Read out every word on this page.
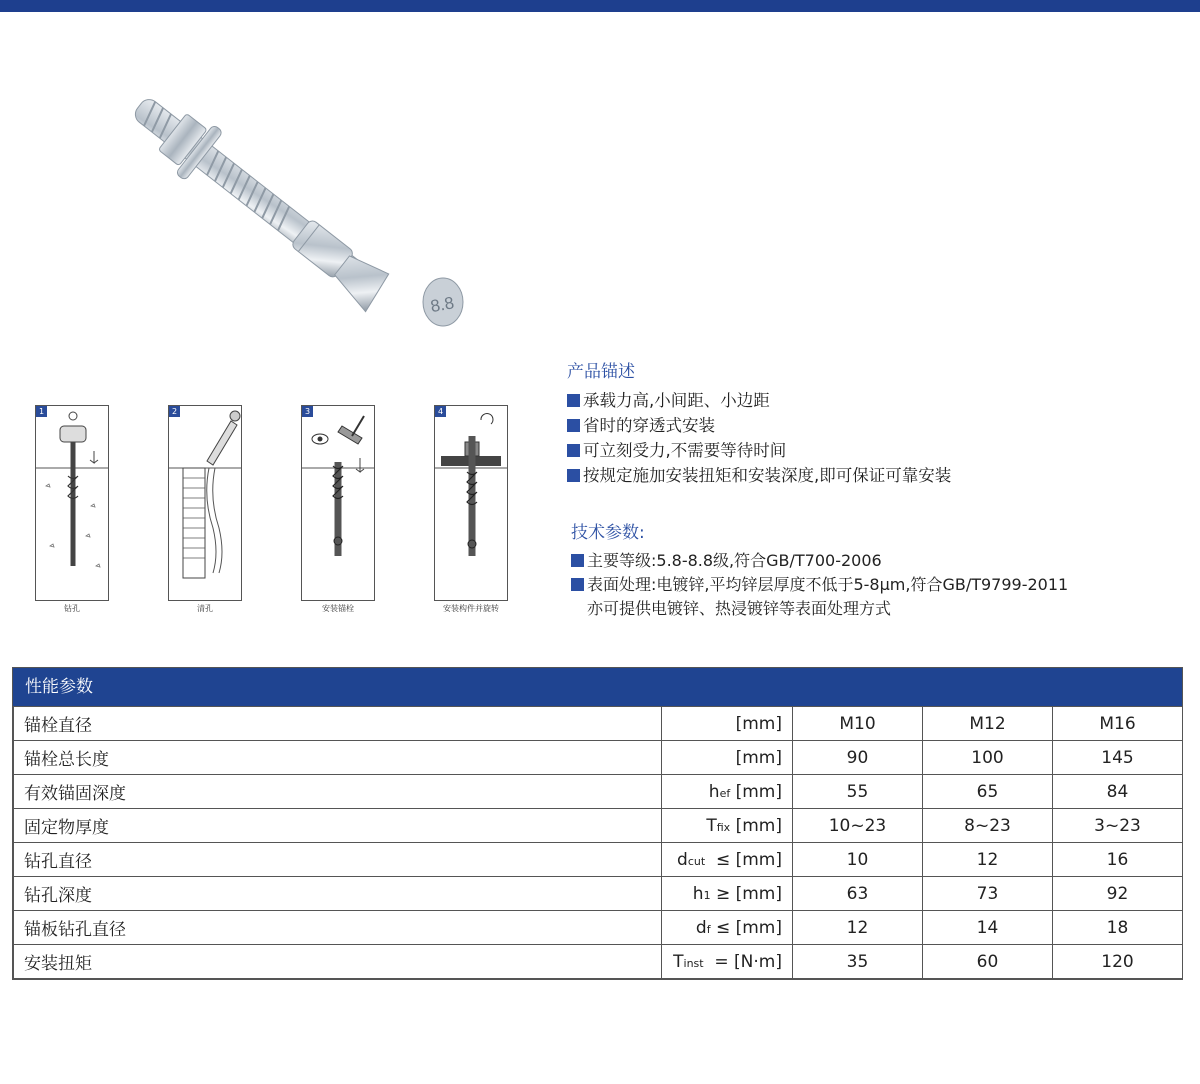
8.8
1
钻孔
2
清孔
3
安装锚栓
4
安装构件并旋转
产品锚述
承载力高,小间距、小边距
省时的穿透式安装
可立刻受力,不需要等待时间
按规定施加安装扭矩和安装深度,即可保证可靠安装
技术参数:
主要等级:5.8-8.8级,符合GB/T700-2006
表面处理:电镀锌,平均锌层厚度不低于5-8μm,符合GB/T9799-2011
亦可提供电镀锌、热浸镀锌等表面处理方式
性能参数
锚栓直径	[mm]	M10	M12	M16
锚栓总长度	[mm]	90	100	145
有效锚固深度	hef [mm]	55	65	84
固定物厚度	Tfix [mm]	10~23	8~23	3~23
钻孔直径	dcut  ≤ [mm]	10	12	16
钻孔深度	h1 ≥ [mm]	63	73	92
锚板钻孔直径	df ≤ [mm]	12	14	18
安装扭矩	Tinst  = [N·m]	35	60	120
